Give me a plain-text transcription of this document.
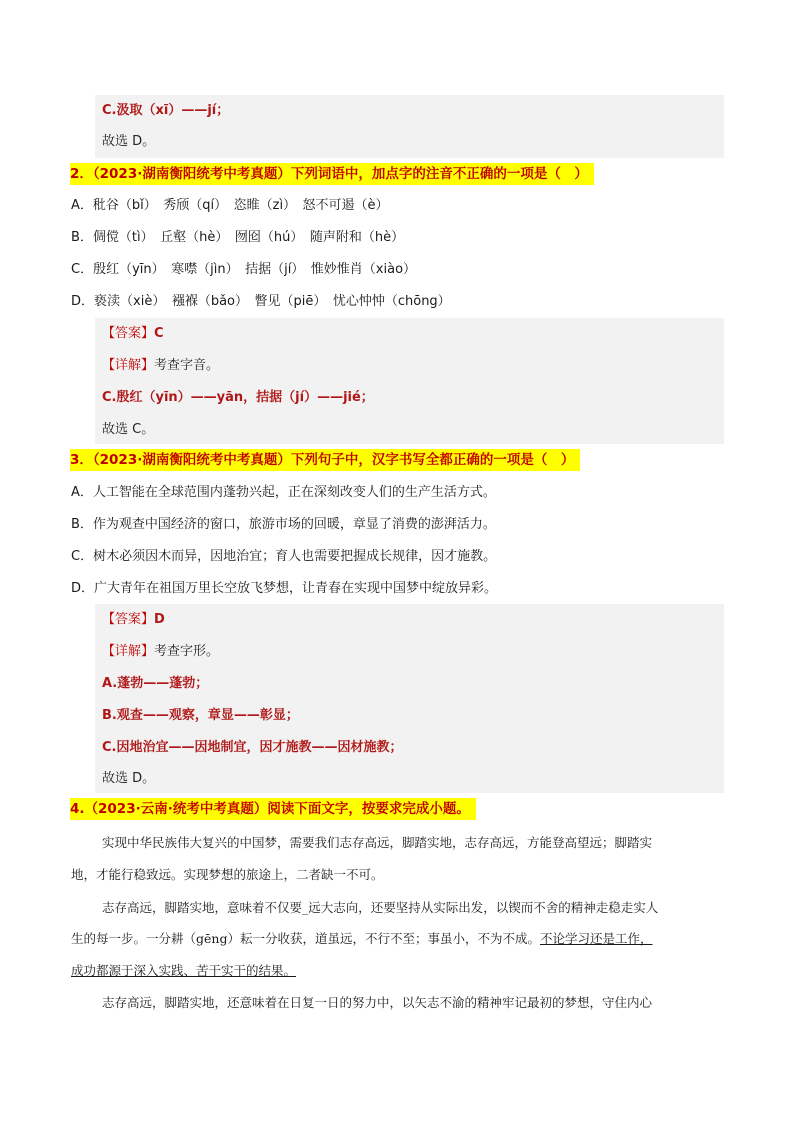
C.汲取（xī）——jí；
故选 D。
2．（2023·湖南衡阳统考中考真题）下列词语中，加点字的注音不正确的一项是（　）
A．秕谷（bǐ）　秀颀（qí）　恣睢（zì）　怒不可遏（è）
B．倜傥（tì）　丘壑（hè）　囫囵（hú）　随声附和（hè）
C．殷红（yīn）　寒噤（jìn）　拮据（jí）　惟妙惟肖（xiào）
D．亵渎（xiè）　襁褓（bǎo）　瞥见（piē）　忧心忡忡（chōng）
【答案】C
【详解】考查字音。
C.殷红（yīn）——yān，拮据（jí）——jié；
故选 C。
3．（2023·湖南衡阳统考中考真题）下列句子中，汉字书写全都正确的一项是（　）
A．人工智能在全球范围内蓬勃兴起，正在深刻改变人们的生产生活方式。
B．作为观查中国经济的窗口，旅游市场的回暖，章显了消费的澎湃活力。
C．树木必须因木而异，因地治宜；育人也需要把握成长规律，因才施教。
D．广大青年在祖国万里长空放飞梦想，让青春在实现中国梦中绽放异彩。
【答案】D
【详解】考查字形。
A.蓬勃——蓬勃；
B.观查——观察，章显——彰显；
C.因地治宜——因地制宜，因才施教——因材施教；
故选 D。
4.（2023·云南·统考中考真题）阅读下面文字，按要求完成小题。
实现中华民族伟大复兴的中国梦，需要我们志存高远，脚踏实地，志存高远，方能登高望远；脚踏实
地，才能行稳致远。实现梦想的旅途上，二者缺一不可。
志存高远，脚踏实地，意味着不仅要_远大志向，还要坚持从实际出发，以锲而不舍的精神走稳走实人
生的每一步。一分耕（gēng）耘一分收获，道虽远，不行不至；事虽小，不为不成。不论学习还是工作，
成功都源于深入实践、苦干实干的结果。
志存高远，脚踏实地，还意味着在日复一日的努力中，以矢志不渝的精神牢记最初的梦想，守住内心
